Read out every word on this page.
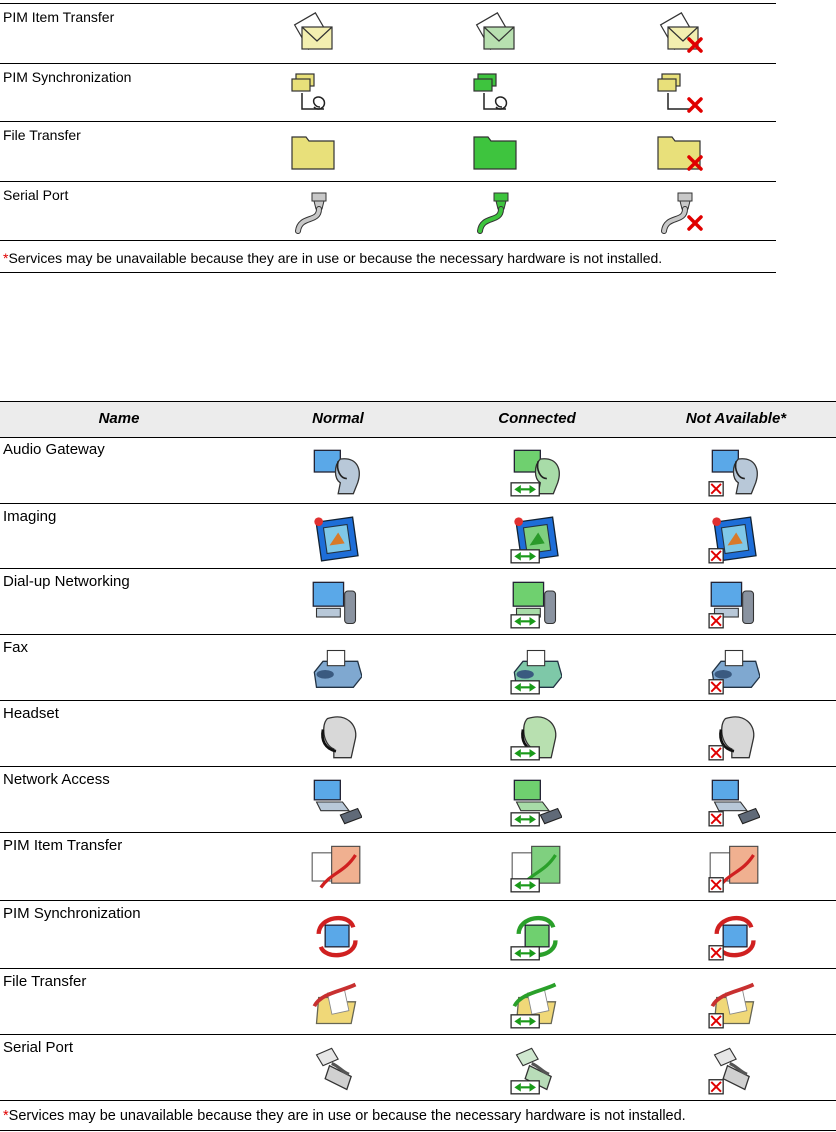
PIM Item Transfer
PIM Synchronization
File Transfer
Serial Port
*Services may be unavailable because they are in use or because the necessary hardware is not installed.
Name	Normal	Connected	Not Available*
Audio Gateway
Imaging
Dial-up Networking
Fax
Headset
Network Access
PIM Item Transfer
PIM Synchronization
File Transfer
Serial Port
*Services may be unavailable because they are in use or because the necessary hardware is not installed.
